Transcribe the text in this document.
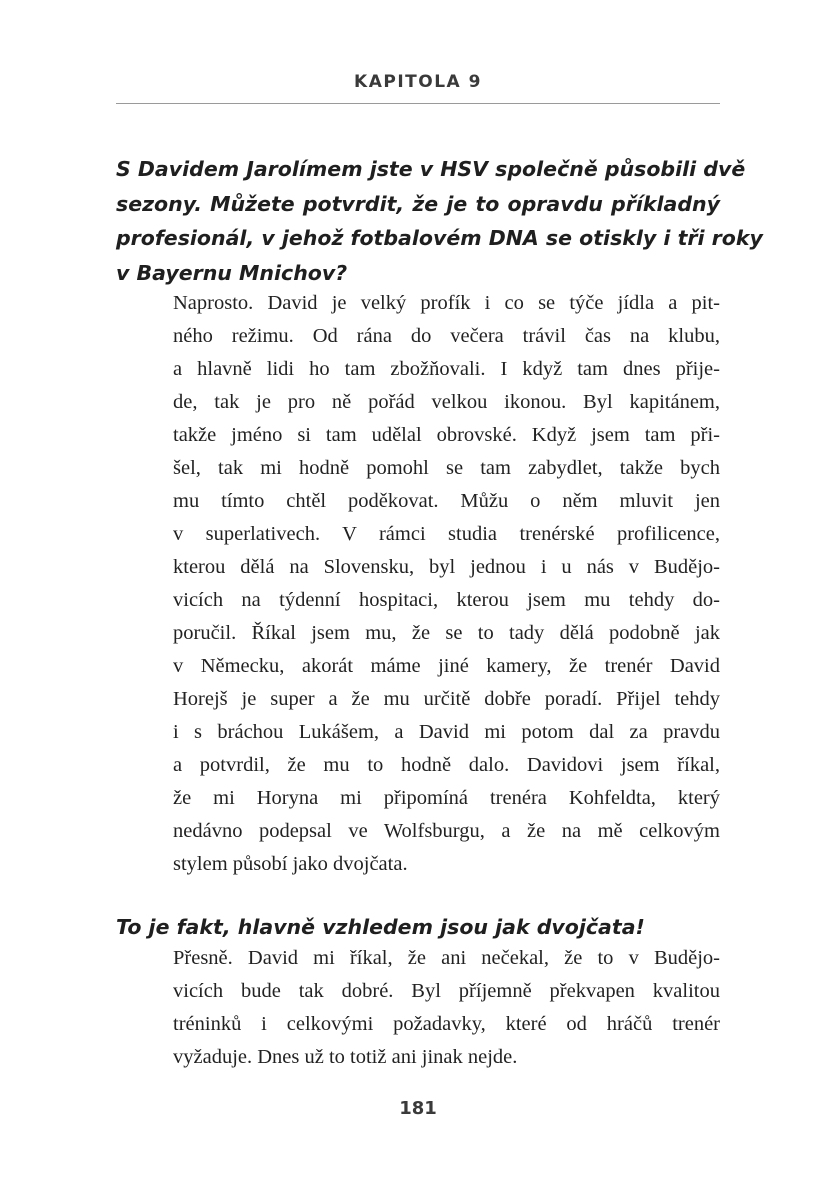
KAPITOLA 9
S Davidem Jarolímem jste v HSV společně působili dvě
sezony. Můžete potvrdit, že je to opravdu příkladný
profesionál, v jehož fotbalovém DNA se otiskly i tři roky
v Bayernu Mnichov?
Naprosto. David je velký profík i co se týče jídla a pit-
ného režimu. Od rána do večera trávil čas na klubu,
a hlavně lidi ho tam zbožňovali. I když tam dnes přije-
de, tak je pro ně pořád velkou ikonou. Byl kapitánem,
takže jméno si tam udělal obrovské. Když jsem tam při-
šel, tak mi hodně pomohl se tam zabydlet, takže bych
mu tímto chtěl poděkovat. Můžu o něm mluvit jen
v superlativech. V rámci studia trenérské profilicence,
kterou dělá na Slovensku, byl jednou i u nás v Budějo-
vicích na týdenní hospitaci, kterou jsem mu tehdy do-
poručil. Říkal jsem mu, že se to tady dělá podobně jak
v Německu, akorát máme jiné kamery, že trenér David
Horejš je super a že mu určitě dobře poradí. Přijel tehdy
i s bráchou Lukášem, a David mi potom dal za pravdu
a potvrdil, že mu to hodně dalo. Davidovi jsem říkal,
že mi Horyna mi připomíná trenéra Kohfeldta, který
nedávno podepsal ve Wolfsburgu, a že na mě celkovým
stylem působí jako dvojčata.
To je fakt, hlavně vzhledem jsou jak dvojčata!
Přesně. David mi říkal, že ani nečekal, že to v Budějo-
vicích bude tak dobré. Byl příjemně překvapen kvalitou
tréninků i celkovými požadavky, které od hráčů trenér
vyžaduje. Dnes už to totiž ani jinak nejde.
181
